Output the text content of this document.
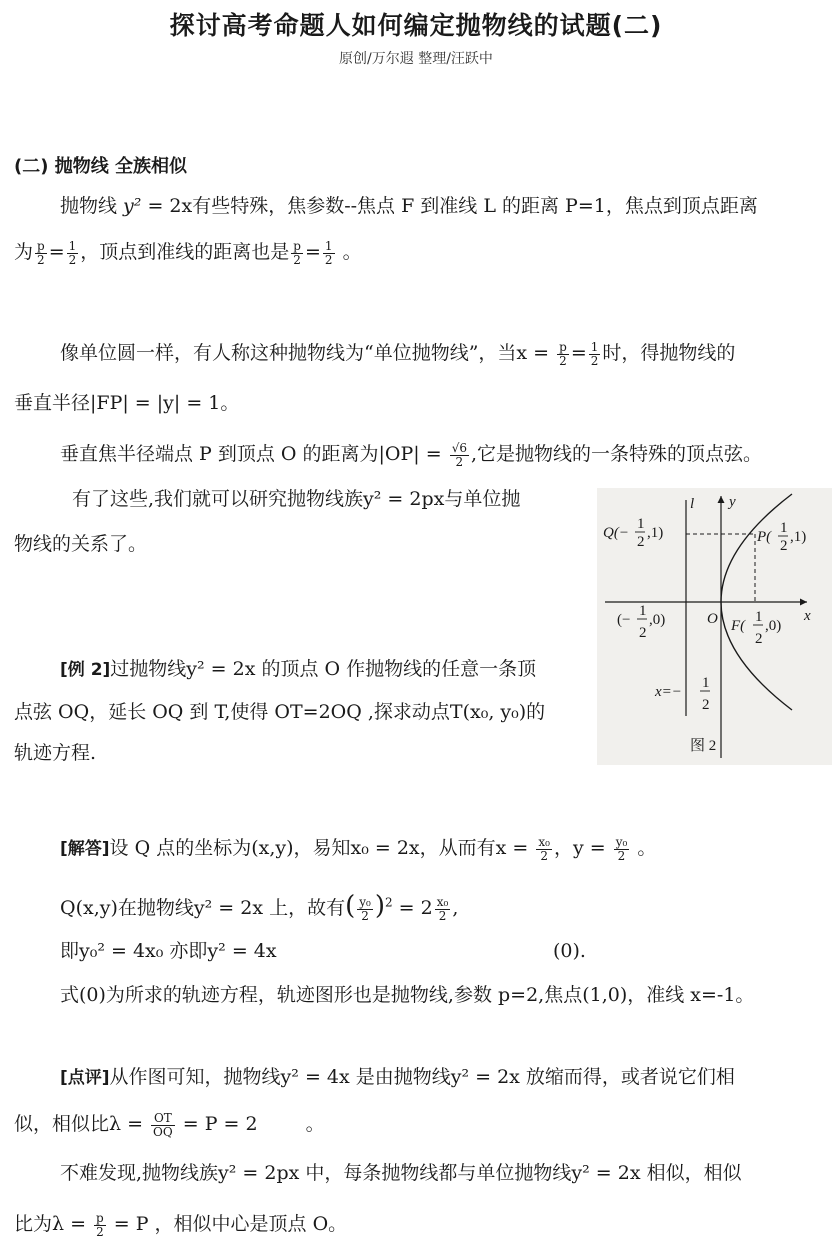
探讨高考命题人如何编定抛物线的试题(二)
原创/万尔遐 整理/汪跃中
(二) 抛物线 全族相似
抛物线 y² = 2x有些特殊，焦参数--焦点 F 到准线 L 的距离 P=1，焦点到顶点距离
为 $\frac{p}{2} = \frac{1}{2}$ ，顶点到准线的距离也是 $\frac{p}{2} = \frac{1}{2}$ 。
像单位圆一样，有人称这种抛物线为“单位抛物线”，当$x = \frac{p}{2} = \frac{1}{2}$ 时，得抛物线的
垂直半径|FP| = |y| = 1。
垂直焦半径端点 P 到顶点 O 的距离为$|OP| = \frac{√6}{2}$ ,它是抛物线的一条特殊的顶点弦。
有了这些,我们就可以研究抛物线族y² = 2px与单位抛
物线的关系了。
x
y
l
O
Q(−
1
2
,1)	P(
1
2
,1)
(−
1
2
,0)	F(
1
2
,0)
x=−
1
2
图 2
[例 2]过抛物线y² = 2x 的顶点 O 作抛物线的任意一条顶
点弦 OQ，延长 OQ 到 T,使得 OT=2OQ ,探求动点T(x₀, y₀)的
轨迹方程.
[解答]设 Q 点的坐标为(x,y)，易知x₀ = 2x，从而有$x = \frac{\text{x₀}}{2}$ ，$y = \frac{\text{y₀}}{2}$ 。
Q(x,y)在抛物线y² = 2x 上，故有( $\frac{\text{y₀}}{2} )^2 = 2 \frac{\text{x₀}}{2}$ ,
即y₀² = 4x₀ 亦即y² = 4x	(0).
式(0)为所求的轨迹方程，轨迹图形也是抛物线,参数 p=2,焦点(1,0)，准线 x=-1。
[点评]从作图可知，抛物线y² = 4x 是由抛物线y² = 2x 放缩而得，或者说它们相
似，相似比$\lambda = \frac{OT}{OQ} = P = 2$	。
不难发现,抛物线族y² = 2px 中，每条抛物线都与单位抛物线y² = 2x 相似，相似
比为$\lambda = \frac{p}{2} = P$ ，相似中心是顶点 O。
